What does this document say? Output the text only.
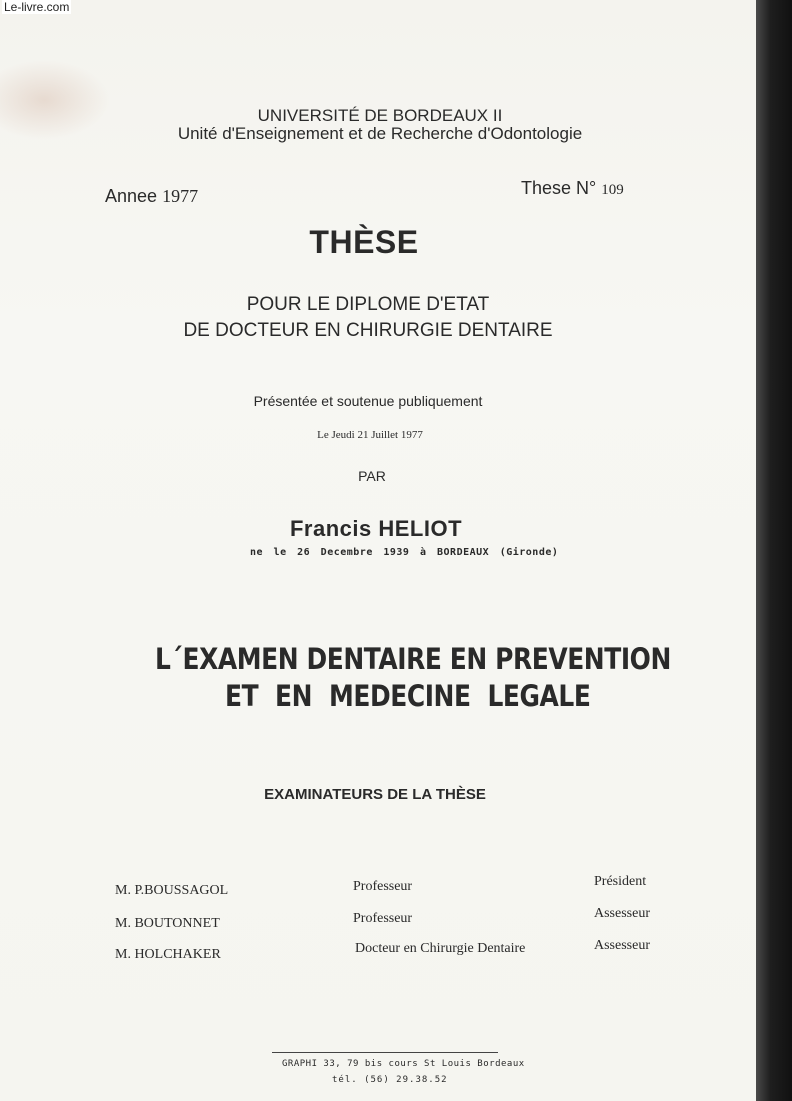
Le-livre.com
UNIVERSITÉ DE BORDEAUX II
Unité d'Enseignement et de Recherche d'Odontologie
Annee 1977	These N° 109
THÈSE
POUR LE DIPLOME D'ETAT
DE DOCTEUR EN CHIRURGIE DENTAIRE
Présentée et soutenue publiquement
Le Jeudi 21 Juillet 1977
PAR
Francis HELIOT
ne le 26 Decembre 1939 à BORDEAUX (Gironde)
L´EXAMEN DENTAIRE EN PREVENTION
ET EN MEDECINE LEGALE
EXAMINATEURS DE LA THÈSE
M. P.BOUSSAGOL	Professeur	Président
M. BOUTONNET	Professeur	Assesseur
M. HOLCHAKER	Docteur en Chirurgie Dentaire	Assesseur
GRAPHI 33, 79 bis cours St Louis Bordeaux
tél. (56) 29.38.52
